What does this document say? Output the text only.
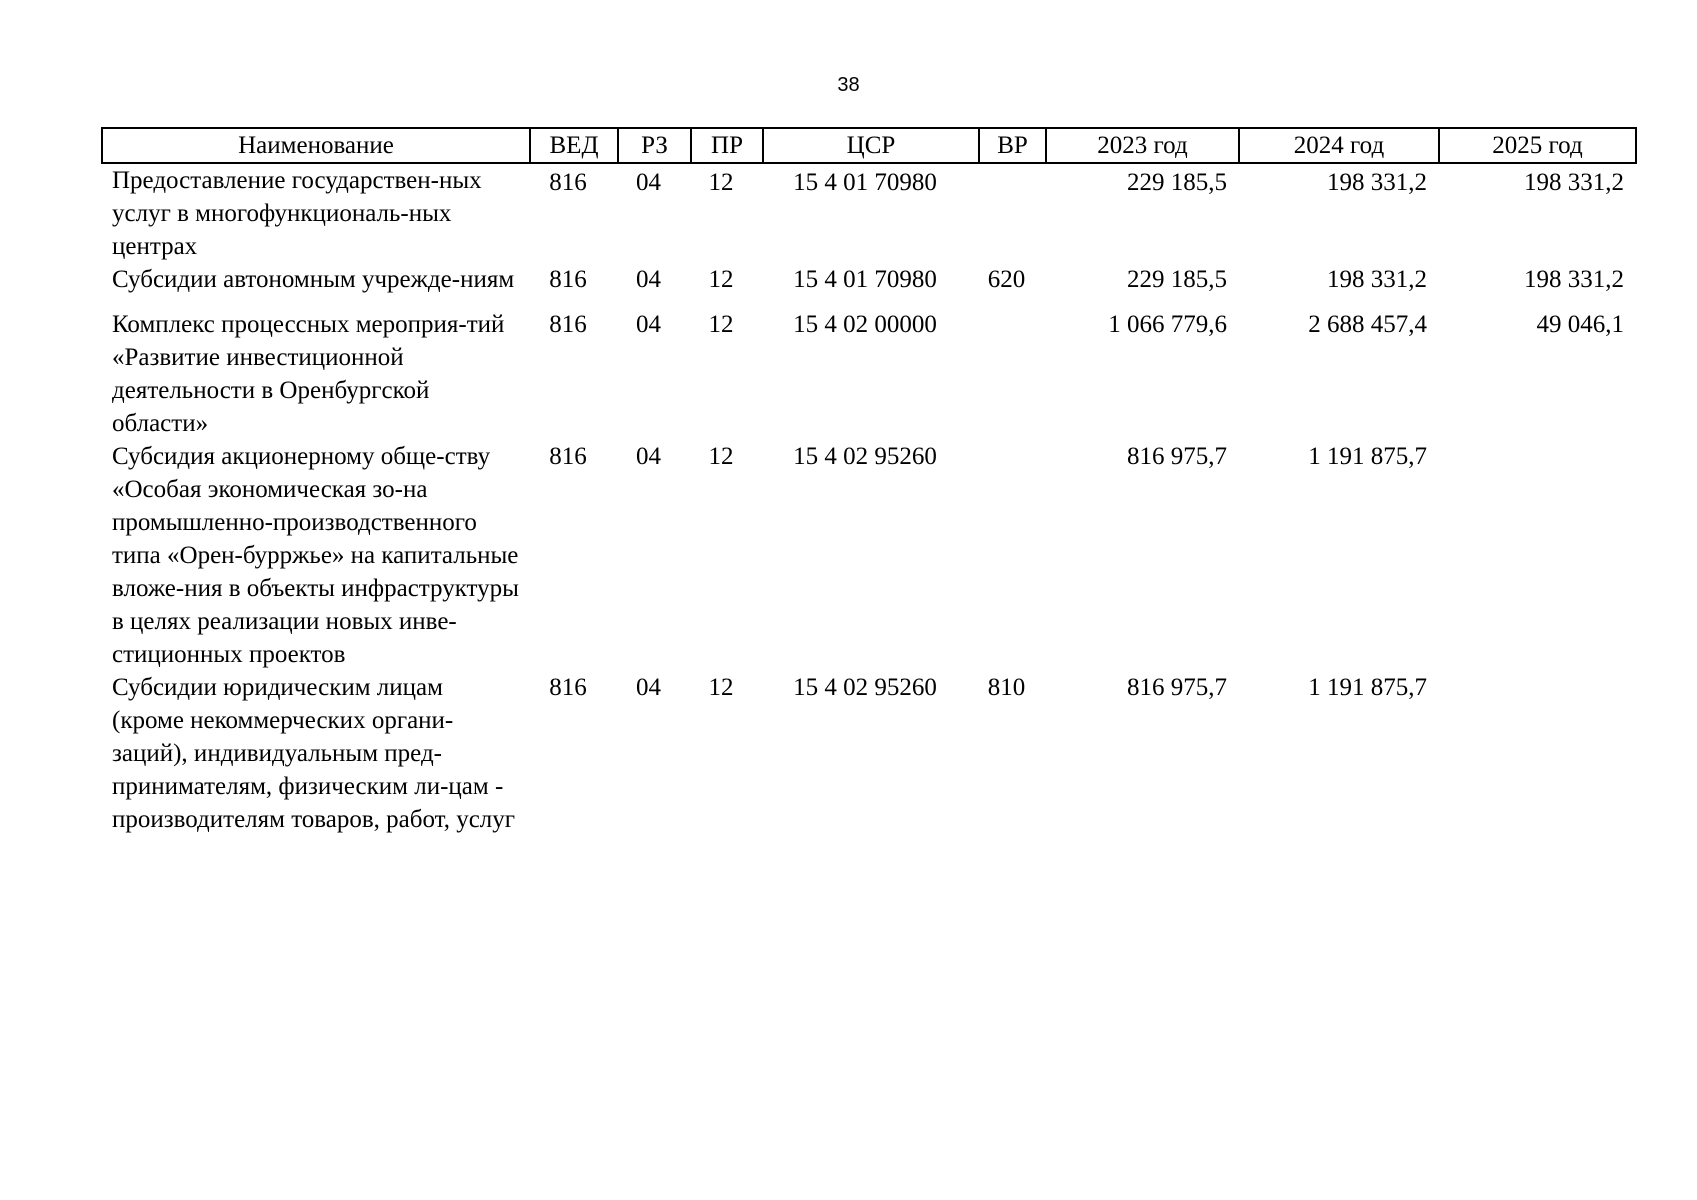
38
Наименование	ВЕД	РЗ	ПР	ЦСР	ВР	2023 год	2024 год	2025 год
Предоставление государствен-ных услуг в многофункциональ-ных центрах	816	04	12	15 4 01 70980		229 185,5	198 331,2	198 331,2
Субсидии автономным учрежде-ниям	816	04	12	15 4 01 70980	620	229 185,5	198 331,2	198 331,2
Комплекс процессных мероприя-тий «Развитие инвестиционной деятельности в Оренбургской области»	816	04	12	15 4 02 00000		1 066 779,6	2 688 457,4	49 046,1
Субсидия акционерному обще-ству «Особая экономическая зо-на промышленно-производственного типа «Орен-бурржье» на капитальные вложе-ния в объекты инфраструктуры в целях реализации новых инве-стиционных проектов	816	04	12	15 4 02 95260		816 975,7	1 191 875,7	
Субсидии юридическим лицам (кроме некоммерческих органи-заций), индивидуальным пред-принимателям, физическим ли-цам - производителям товаров, работ, услуг	816	04	12	15 4 02 95260	810	816 975,7	1 191 875,7	
